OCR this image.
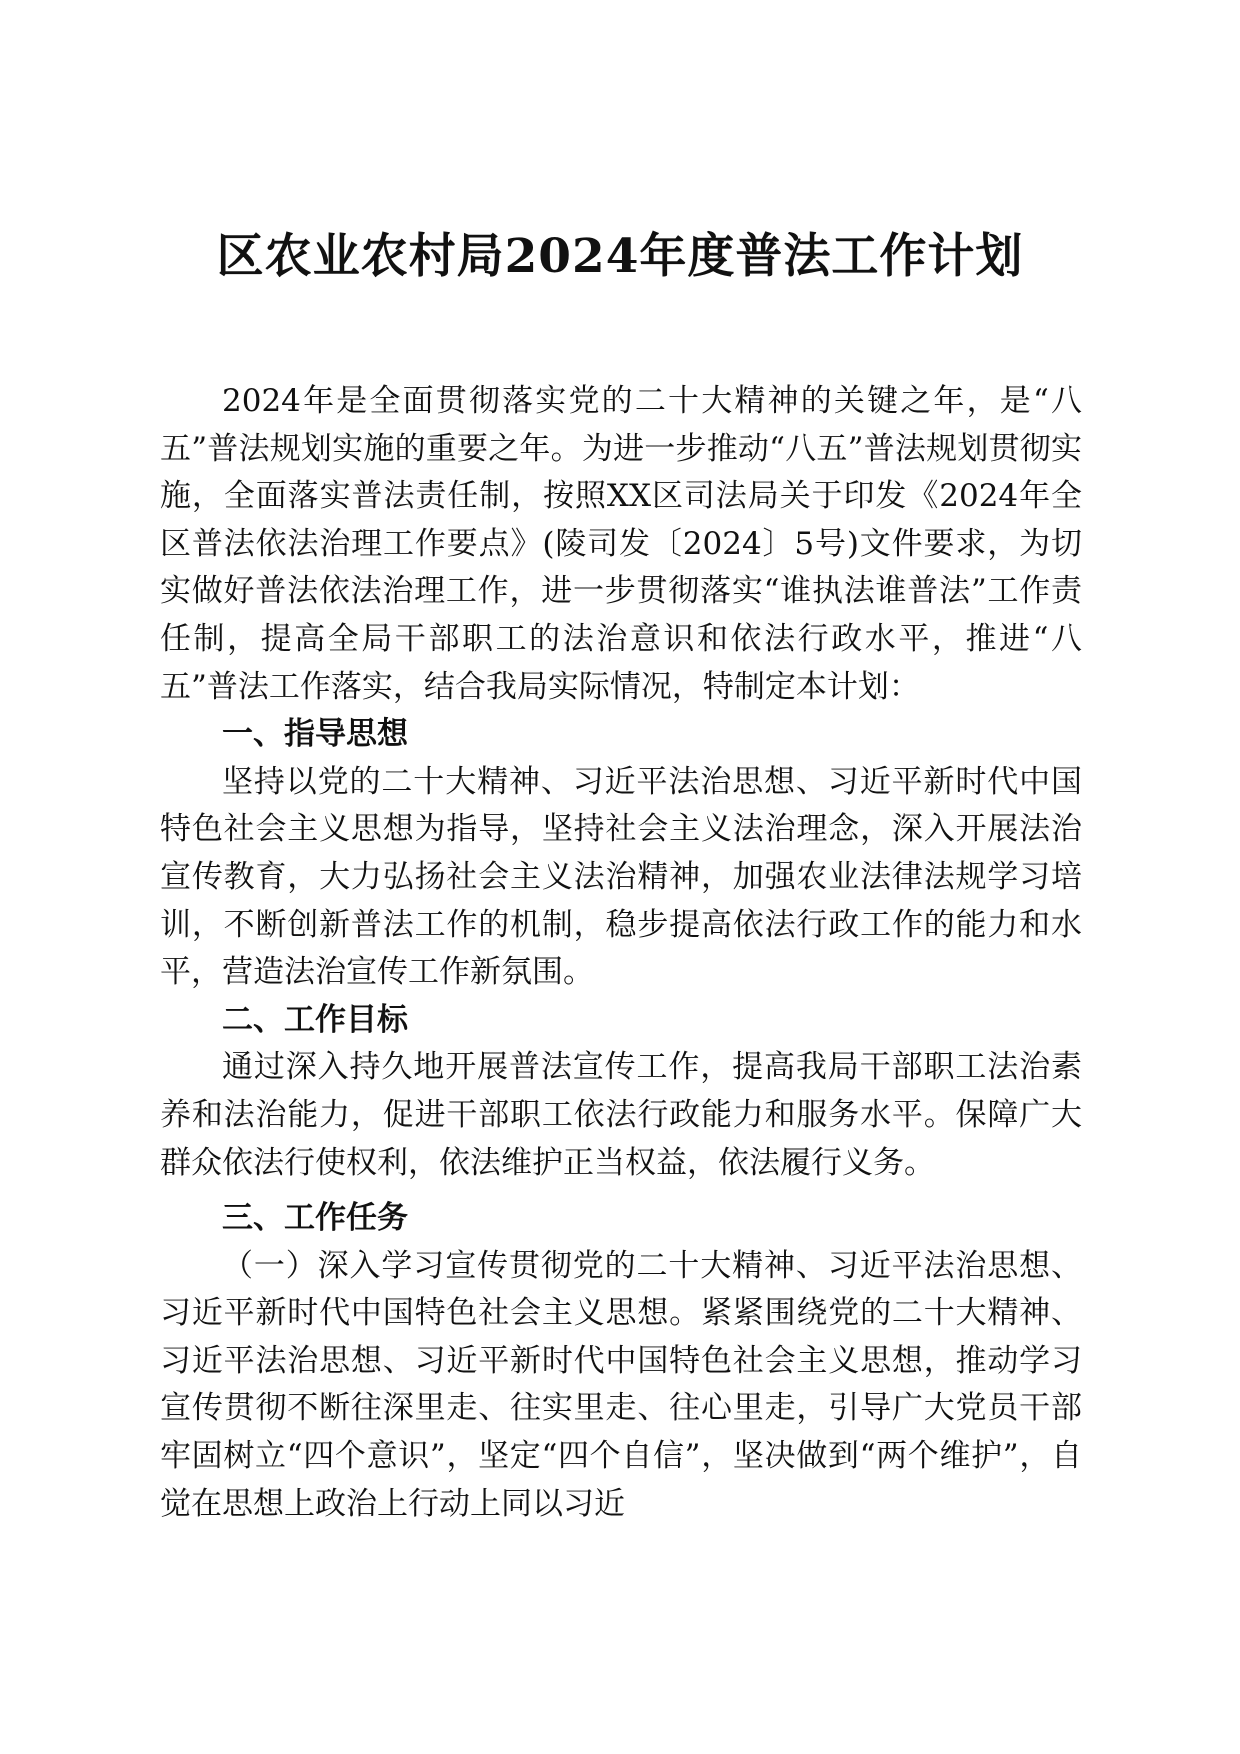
区农业农村局2024年度普法工作计划

2024年是全面贯彻落实党的二十大精神的关键之年，是“八五”普法规划实施的重要之年。为进一步推动“八五”普法规划贯彻实施，全面落实普法责任制，按照XX区司法局关于印发《2024年全区普法依法治理工作要点》(陵司发〔2024〕5号)文件要求，为切实做好普法依法治理工作，进一步贯彻落实“谁执法谁普法”工作责任制，提高全局干部职工的法治意识和依法行政水平，推进“八五”普法工作落实，结合我局实际情况，特制定本计划：

一、指导思想

坚持以党的二十大精神、习近平法治思想、习近平新时代中国特色社会主义思想为指导，坚持社会主义法治理念，深入开展法治宣传教育，大力弘扬社会主义法治精神，加强农业法律法规学习培训，不断创新普法工作的机制，稳步提高依法行政工作的能力和水平，营造法治宣传工作新氛围。

二、工作目标

通过深入持久地开展普法宣传工作，提高我局干部职工法治素养和法治能力，促进干部职工依法行政能力和服务水平。保障广大群众依法行使权利，依法维护正当权益，依法履行义务。

三、工作任务

（一）深入学习宣传贯彻党的二十大精神、习近平法治思想、习近平新时代中国特色社会主义思想。紧紧围绕党的二十大精神、习近平法治思想、习近平新时代中国特色社会主义思想，推动学习宣传贯彻不断往深里走、往实里走、往心里走，引导广大党员干部牢固树立“四个意识”，坚定“四个自信”，坚决做到“两个维护”，自觉在思想上政治上行动上同以习近
